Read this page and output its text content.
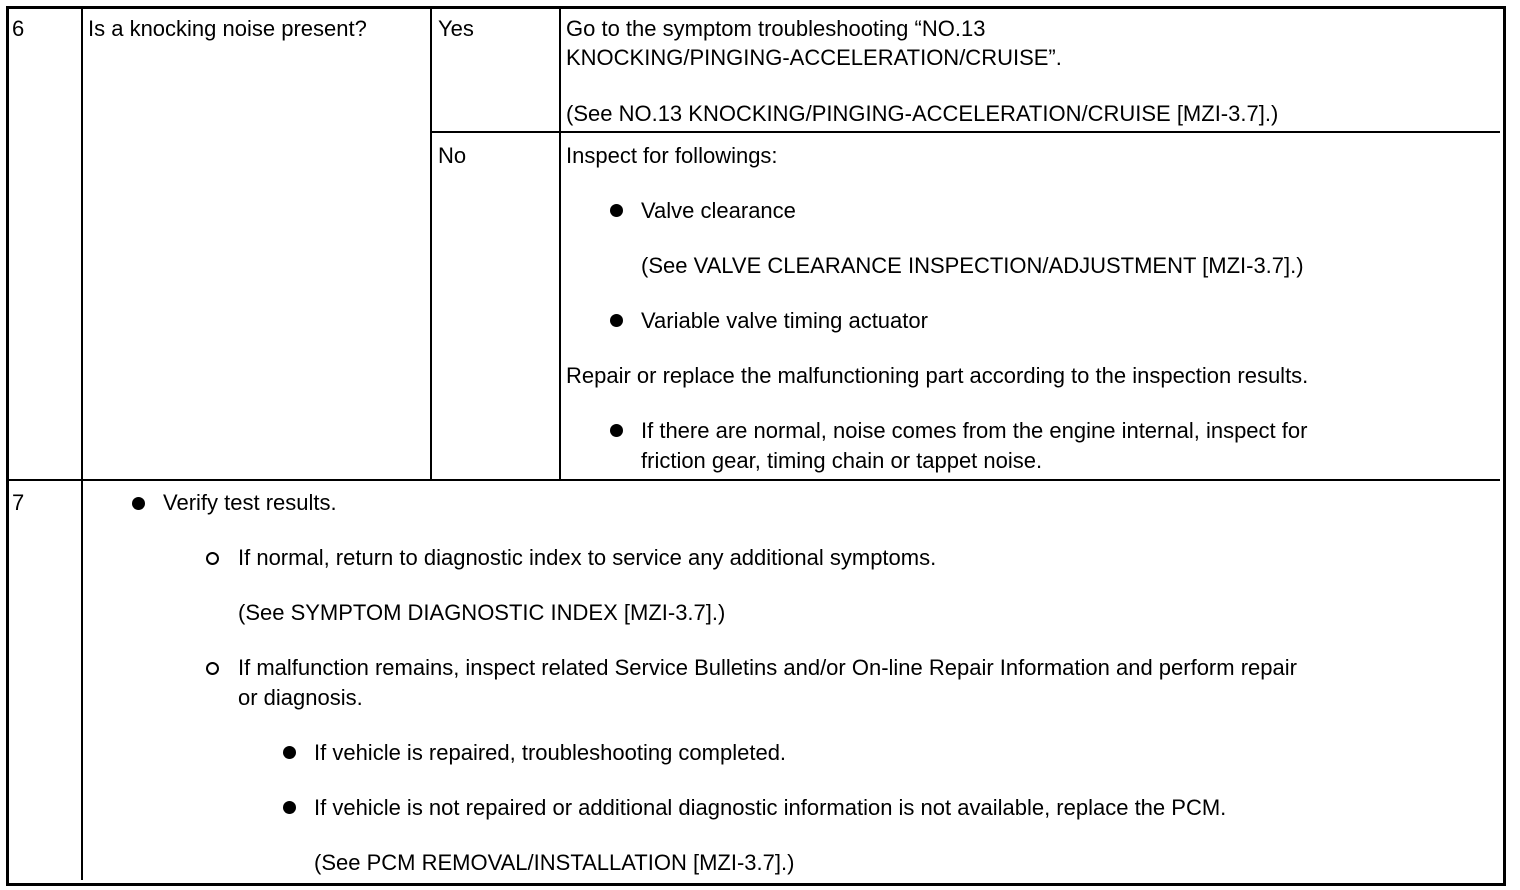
6	Is a knocking noise present?	Yes	Go to the symptom troubleshooting “NO.13
KNOCKING/PINGING-ACCELERATION/CRUISE”.
(See NO.13 KNOCKING/PINGING-ACCELERATION/CRUISE [MZI-3.7].)
No	Inspect for followings:
Valve clearance
(See VALVE CLEARANCE INSPECTION/ADJUSTMENT [MZI-3.7].)
Variable valve timing actuator
Repair or replace the malfunctioning part according to the inspection results.
If there are normal, noise comes from the engine internal, inspect for
friction gear, timing chain or tappet noise.
7	Verify test results.
If normal, return to diagnostic index to service any additional symptoms.
(See SYMPTOM DIAGNOSTIC INDEX [MZI-3.7].)
If malfunction remains, inspect related Service Bulletins and/or On-line Repair Information and perform repair
or diagnosis.
If vehicle is repaired, troubleshooting completed.
If vehicle is not repaired or additional diagnostic information is not available, replace the PCM.
(See PCM REMOVAL/INSTALLATION [MZI-3.7].)
